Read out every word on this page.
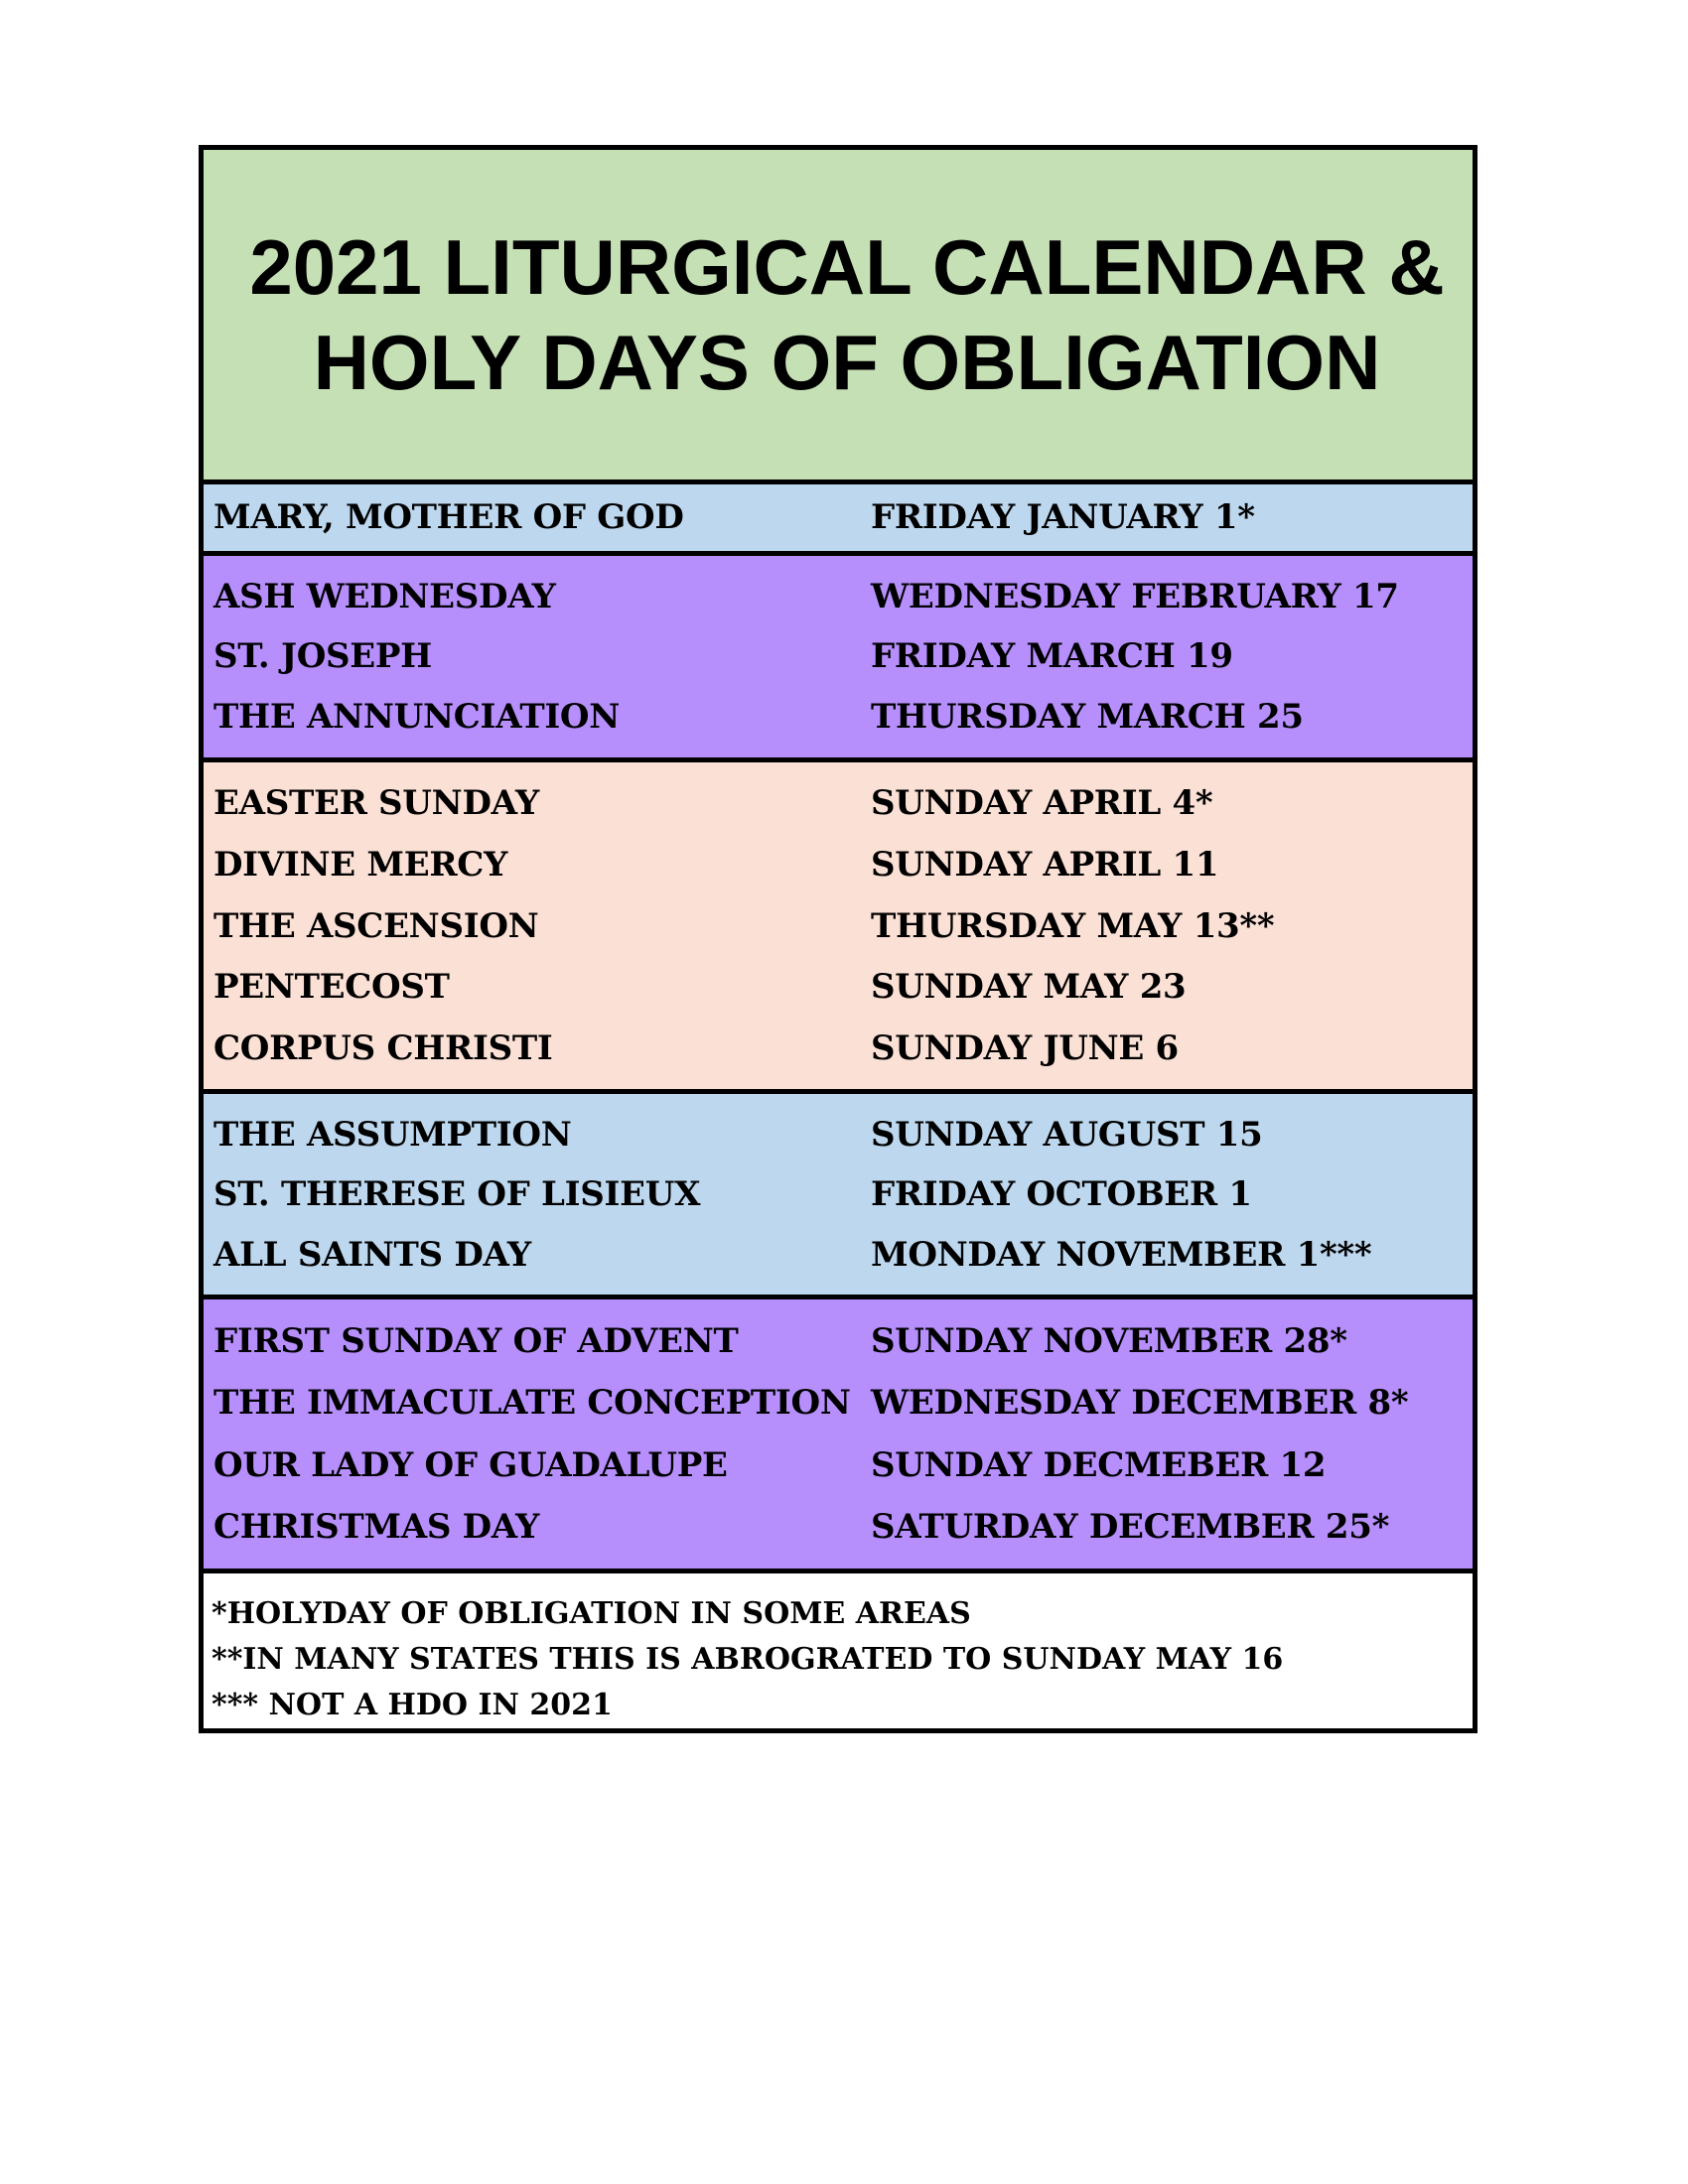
2021 LITURGICAL CALENDAR &
HOLY DAYS OF OBLIGATION
MARY, MOTHER OF GOD	FRIDAY JANUARY 1*
ASH WEDNESDAY	WEDNESDAY FEBRUARY 17
ST. JOSEPH	FRIDAY MARCH 19
THE ANNUNCIATION	THURSDAY MARCH 25
EASTER SUNDAY	SUNDAY APRIL 4*
DIVINE MERCY	SUNDAY APRIL 11
THE ASCENSION	THURSDAY MAY 13**
PENTECOST	SUNDAY MAY 23
CORPUS CHRISTI	SUNDAY JUNE 6
THE ASSUMPTION	SUNDAY AUGUST 15
ST. THERESE OF LISIEUX	FRIDAY OCTOBER 1
ALL SAINTS DAY	MONDAY NOVEMBER 1***
FIRST SUNDAY OF ADVENT	SUNDAY NOVEMBER 28*
THE IMMACULATE CONCEPTION WEDNESDAY DECEMBER 8*
OUR LADY OF GUADALUPE	SUNDAY DECMEBER 12
CHRISTMAS DAY	SATURDAY DECEMBER 25*
*HOLYDAY OF OBLIGATION IN SOME AREAS
**IN MANY STATES THIS IS ABROGRATED TO SUNDAY MAY 16
*** NOT A HDO IN 2021
